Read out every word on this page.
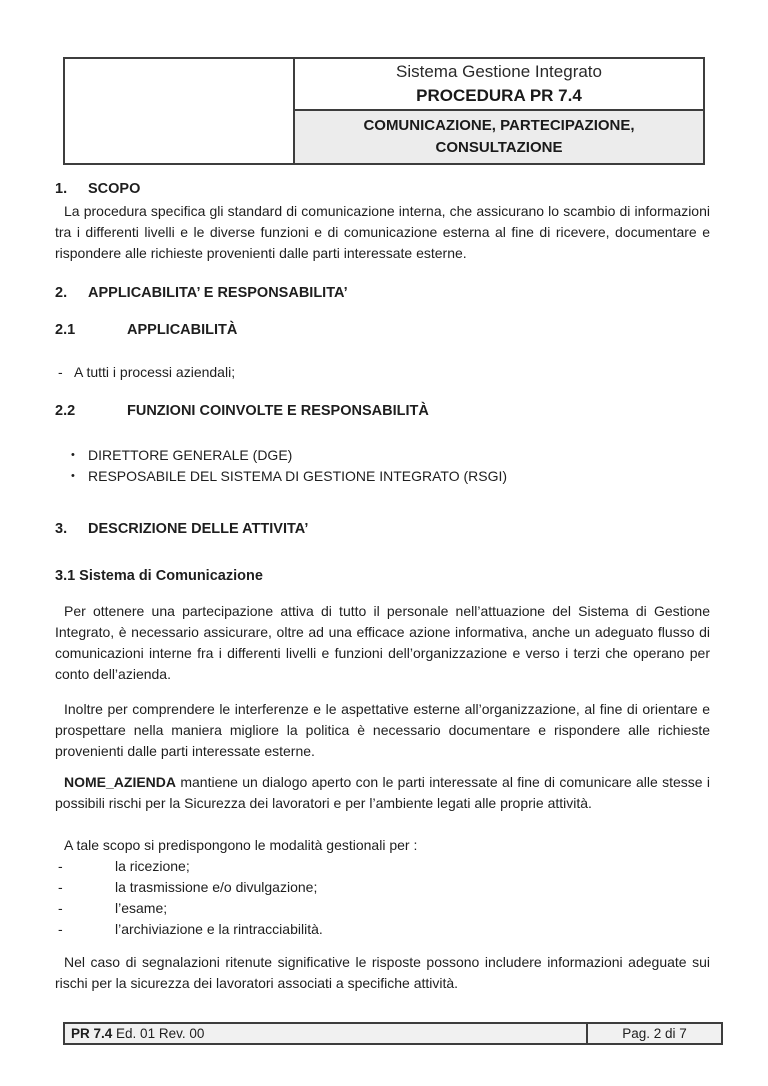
Sistema Gestione Integrato
PROCEDURA PR 7.4

COMUNICAZIONE, PARTECIPAZIONE, CONSULTAZIONE
1.	SCOPO

La procedura specifica gli standard di comunicazione interna, che assicurano lo scambio di informazioni tra i differenti livelli e le diverse funzioni e di comunicazione esterna al fine di ricevere, documentare e rispondere alle richieste provenienti dalle parti interessate esterne.

2.	APPLICABILITA’ E RESPONSABILITA’
2.1	APPLICABILITÀ
- A tutti i processi aziendali;
2.2	FUNZIONI COINVOLTE E RESPONSABILITÀ
• DIRETTORE GENERALE (DGE)
• RESPOSABILE DEL SISTEMA DI GESTIONE INTEGRATO (RSGI)
3.	DESCRIZIONE DELLE ATTIVITA’
3.1 Sistema di Comunicazione

Per ottenere una partecipazione attiva di tutto il personale nell’attuazione del Sistema di Gestione Integrato, è necessario assicurare, oltre ad una efficace azione informativa, anche un adeguato flusso di comunicazioni interne fra i differenti livelli e funzioni dell’organizzazione e verso i terzi che operano per conto dell’azienda.

Inoltre per comprendere le interferenze e le aspettative esterne all’organizzazione, al fine di orientare e prospettare nella maniera migliore la politica è necessario documentare e rispondere alle richieste provenienti dalle parti interessate esterne.

NOME_AZIENDA mantiene un dialogo aperto con le parti interessate al fine di comunicare alle stesse i possibili rischi per la Sicurezza dei lavoratori e per l’ambiente legati alle proprie attività.

A tale scopo si predispongono le modalità gestionali per :

-	la ricezione;
-	la trasmissione e/o divulgazione;
-	l’esame;
-	l’archiviazione e la rintracciabilità.

Nel caso di segnalazioni ritenute significative le risposte possono includere informazioni adeguate sui rischi per la sicurezza dei lavoratori associati a specifiche attività.

PR 7.4 Ed. 01 Rev. 00	Pag. 2 di 7
